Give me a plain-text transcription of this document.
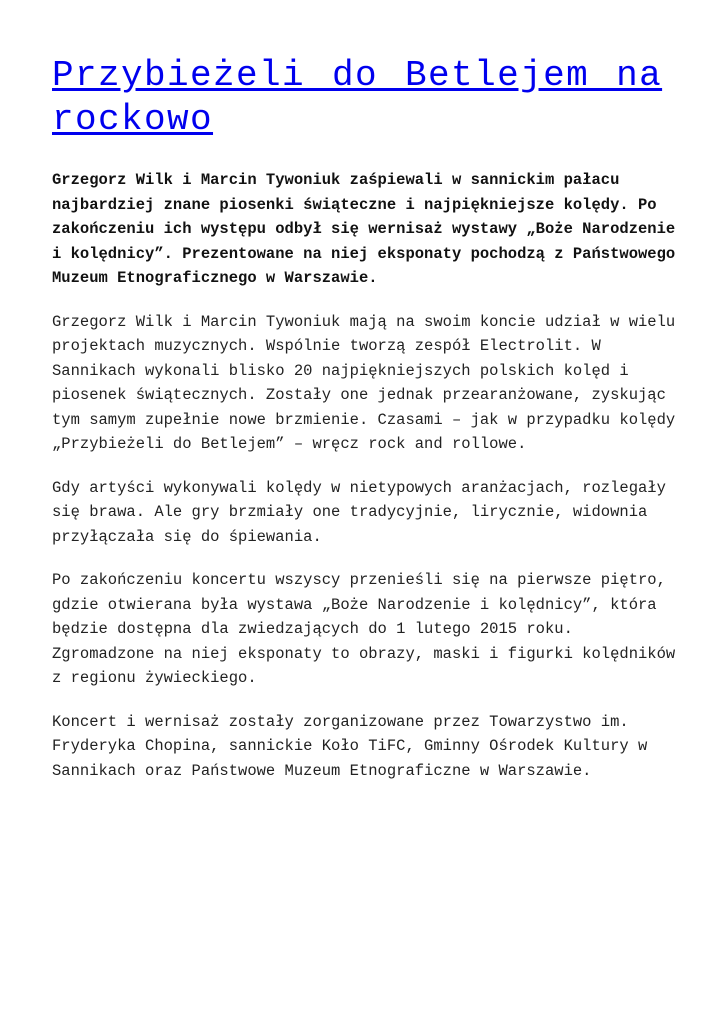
Przybieżeli do Betlejem na rockowo

Grzegorz Wilk i Marcin Tywoniuk zaśpiewali w sannickim pałacu najbardziej znane piosenki świąteczne i najpiękniejsze kolędy. Po zakończeniu ich występu odbył się wernisaż wystawy „Boże Narodzenie i kolędnicy”. Prezentowane na niej eksponaty pochodzą z Państwowego Muzeum Etnograficznego w Warszawie.

Grzegorz Wilk i Marcin Tywoniuk mają na swoim koncie udział w wielu projektach muzycznych. Wspólnie tworzą zespół Electrolit. W Sannikach wykonali blisko 20 najpiękniejszych polskich kolęd i piosenek świątecznych. Zostały one jednak przearanżowane, zyskując tym samym zupełnie nowe brzmienie. Czasami – jak w przypadku kolędy „Przybieżeli do Betlejem” – wręcz rock and rollowe.

Gdy artyści wykonywali kolędy w nietypowych aranżacjach, rozlegały się brawa. Ale gry brzmiały one tradycyjnie, lirycznie, widownia przyłączała się do śpiewania.

Po zakończeniu koncertu wszyscy przenieśli się na pierwsze piętro, gdzie otwierana była wystawa „Boże Narodzenie i kolędnicy”, która będzie dostępna dla zwiedzających do 1 lutego 2015 roku. Zgromadzone na niej eksponaty to obrazy, maski i figurki kolędników z regionu żywieckiego.

Koncert i wernisaż zostały zorganizowane przez Towarzystwo im. Fryderyka Chopina, sannickie Koło TiFC, Gminny Ośrodek Kultury w Sannikach oraz Państwowe Muzeum Etnograficzne w Warszawie.
